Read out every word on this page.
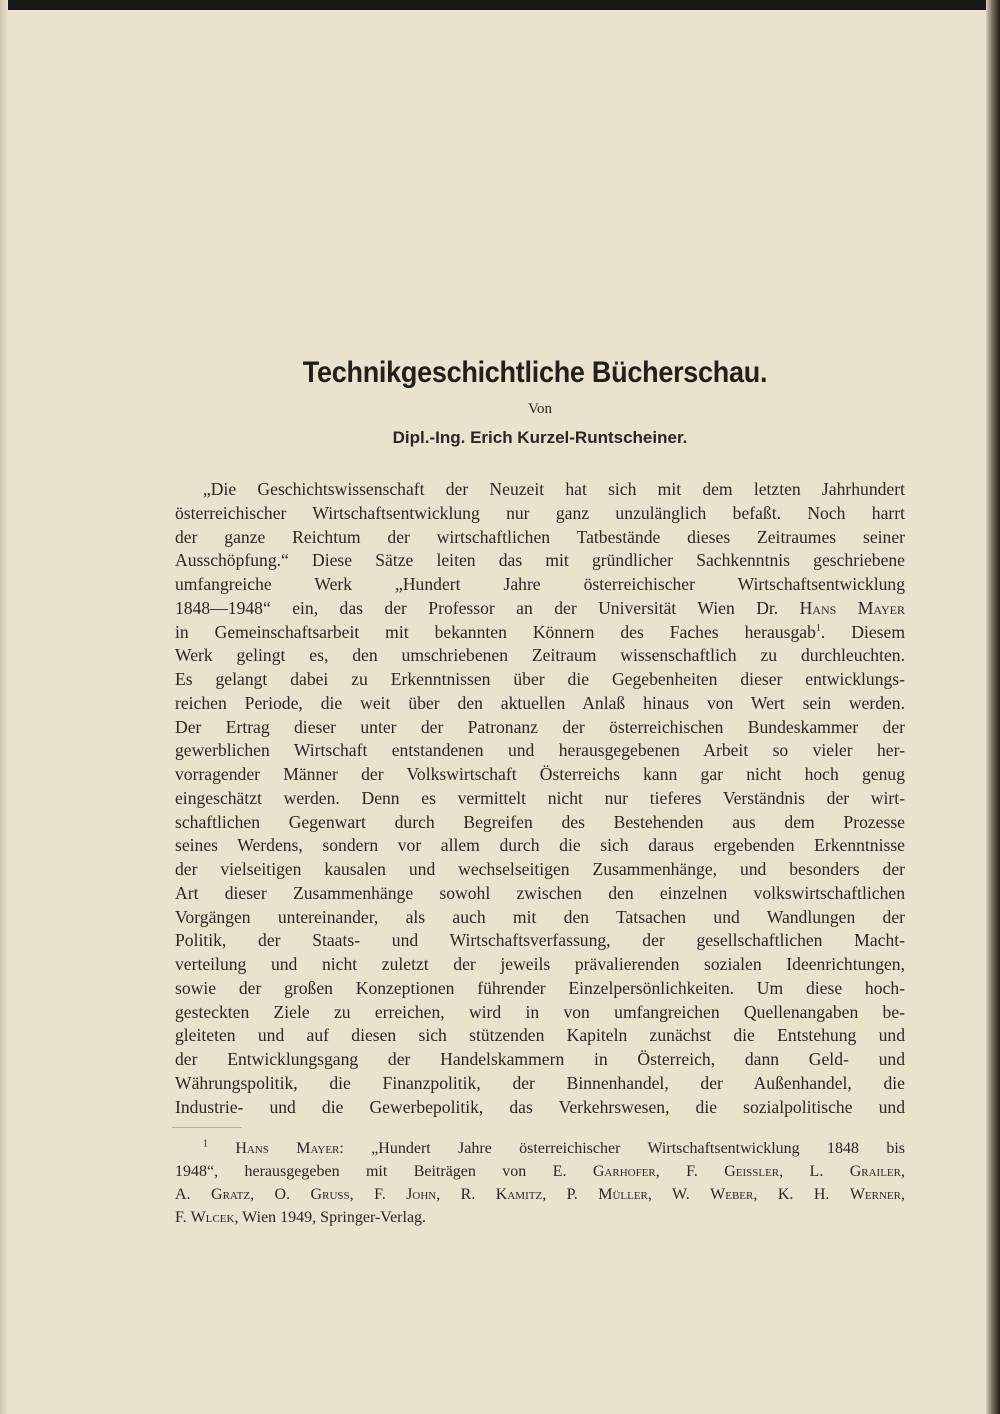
Technikgeschichtliche Bücherschau.
Von
Dipl.-Ing. Erich Kurzel-Runtscheiner.
„Die Geschichtswissenschaft der Neuzeit hat sich mit dem letzten Jahrhundert
österreichischer Wirtschaftsentwicklung nur ganz unzulänglich befaßt. Noch harrt
der ganze Reichtum der wirtschaftlichen Tatbestände dieses Zeitraumes seiner
Ausschöpfung.“ Diese Sätze leiten das mit gründlicher Sachkenntnis geschriebene
umfangreiche Werk „Hundert Jahre österreichischer Wirtschaftsentwicklung
1848—1948“ ein, das der Professor an der Universität Wien Dr. Hans Mayer
in Gemeinschaftsarbeit mit bekannten Könnern des Faches herausgab$^1$. Diesem
Werk gelingt es, den umschriebenen Zeitraum wissenschaftlich zu durchleuchten.
Es gelangt dabei zu Erkenntnissen über die Gegebenheiten dieser entwicklungs-
reichen Periode, die weit über den aktuellen Anlaß hinaus von Wert sein werden.
Der Ertrag dieser unter der Patronanz der österreichischen Bundeskammer der
gewerblichen Wirtschaft entstandenen und herausgegebenen Arbeit so vieler her-
vorragender Männer der Volkswirtschaft Österreichs kann gar nicht hoch genug
eingeschätzt werden. Denn es vermittelt nicht nur tieferes Verständnis der wirt-
schaftlichen Gegenwart durch Begreifen des Bestehenden aus dem Prozesse
seines Werdens, sondern vor allem durch die sich daraus ergebenden Erkenntnisse
der vielseitigen kausalen und wechselseitigen Zusammenhänge, und besonders der
Art dieser Zusammenhänge sowohl zwischen den einzelnen volkswirtschaftlichen
Vorgängen untereinander, als auch mit den Tatsachen und Wandlungen der
Politik, der Staats- und Wirtschaftsverfassung, der gesellschaftlichen Macht-
verteilung und nicht zuletzt der jeweils prävalierenden sozialen Ideenrichtungen,
sowie der großen Konzeptionen führender Einzelpersönlichkeiten. Um diese hoch-
gesteckten Ziele zu erreichen, wird in von umfangreichen Quellenangaben be-
gleiteten und auf diesen sich stützenden Kapiteln zunächst die Entstehung und
der Entwicklungsgang der Handelskammern in Österreich, dann Geld- und
Währungspolitik, die Finanzpolitik, der Binnenhandel, der Außenhandel, die
Industrie- und die Gewerbepolitik, das Verkehrswesen, die sozialpolitische und
$^1$ Hans Mayer: „Hundert Jahre österreichischer Wirtschaftsentwicklung 1848 bis
1948“, herausgegeben mit Beiträgen von E. Garhofer, F. Geissler, L. Grailer,
A. Gratz, O. Gruss, F. John, R. Kamitz, P. Müller, W. Weber, K. H. Werner,
F. Wlcek, Wien 1949, Springer-Verlag.
